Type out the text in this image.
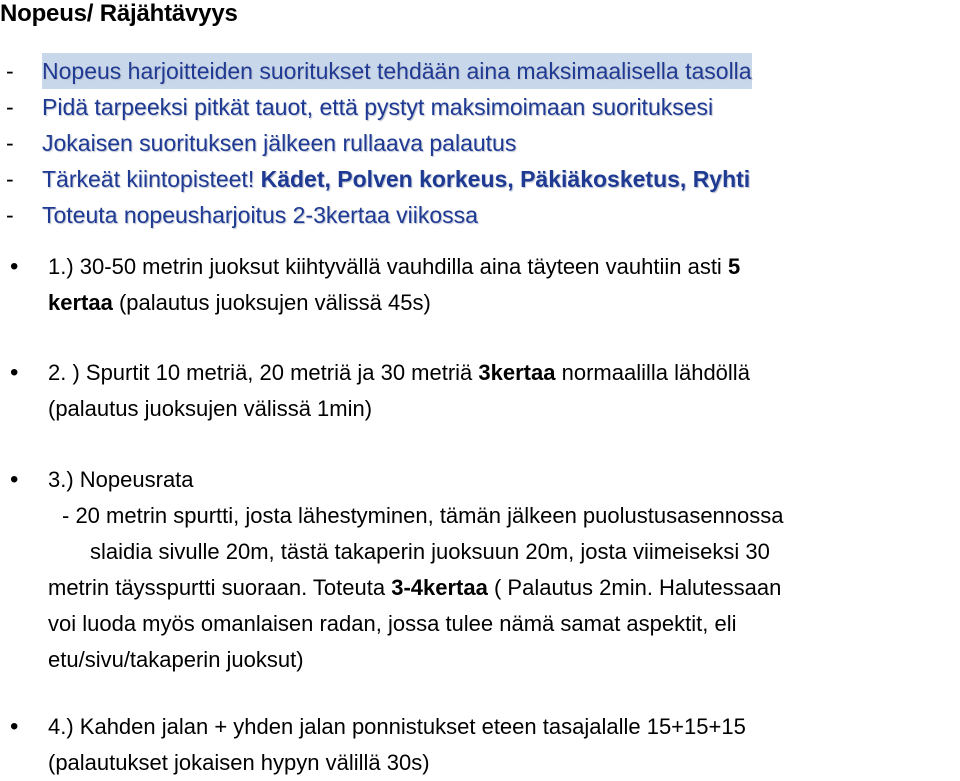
Nopeus/ Räjähtävyys
- Nopeus harjoitteiden suoritukset tehdään aina maksimaalisella tasolla
- Pidä tarpeeksi pitkät tauot, että pystyt maksimoimaan suorituksesi
- Jokaisen suorituksen jälkeen rullaava palautus
- Tärkeät kiintopisteet! Kädet, Polven korkeus, Päkiäkosketus, Ryhti
- Toteuta nopeusharjoitus 2-3kertaa viikossa
• 1.) 30-50 metrin juoksut kiihtyvällä vauhdilla aina täyteen vauhtiin asti 5
kertaa (palautus juoksujen välissä 45s)
• 2. ) Spurtit 10 metriä, 20 metriä ja 30 metriä 3kertaa normaalilla lähdöllä
(palautus juoksujen välissä 1min)
• 3.) Nopeusrata
- 20 metrin spurtti, josta lähestyminen, tämän jälkeen puolustusasennossa
slaidia sivulle 20m, tästä takaperin juoksuun 20m, josta viimeiseksi 30
metrin täysspurtti suoraan. Toteuta 3-4kertaa ( Palautus 2min. Halutessaan
voi luoda myös omanlaisen radan, jossa tulee nämä samat aspektit, eli
etu/sivu/takaperin juoksut)
• 4.) Kahden jalan + yhden jalan ponnistukset eteen tasajalalle 15+15+15
(palautukset jokaisen hypyn välillä 30s)
